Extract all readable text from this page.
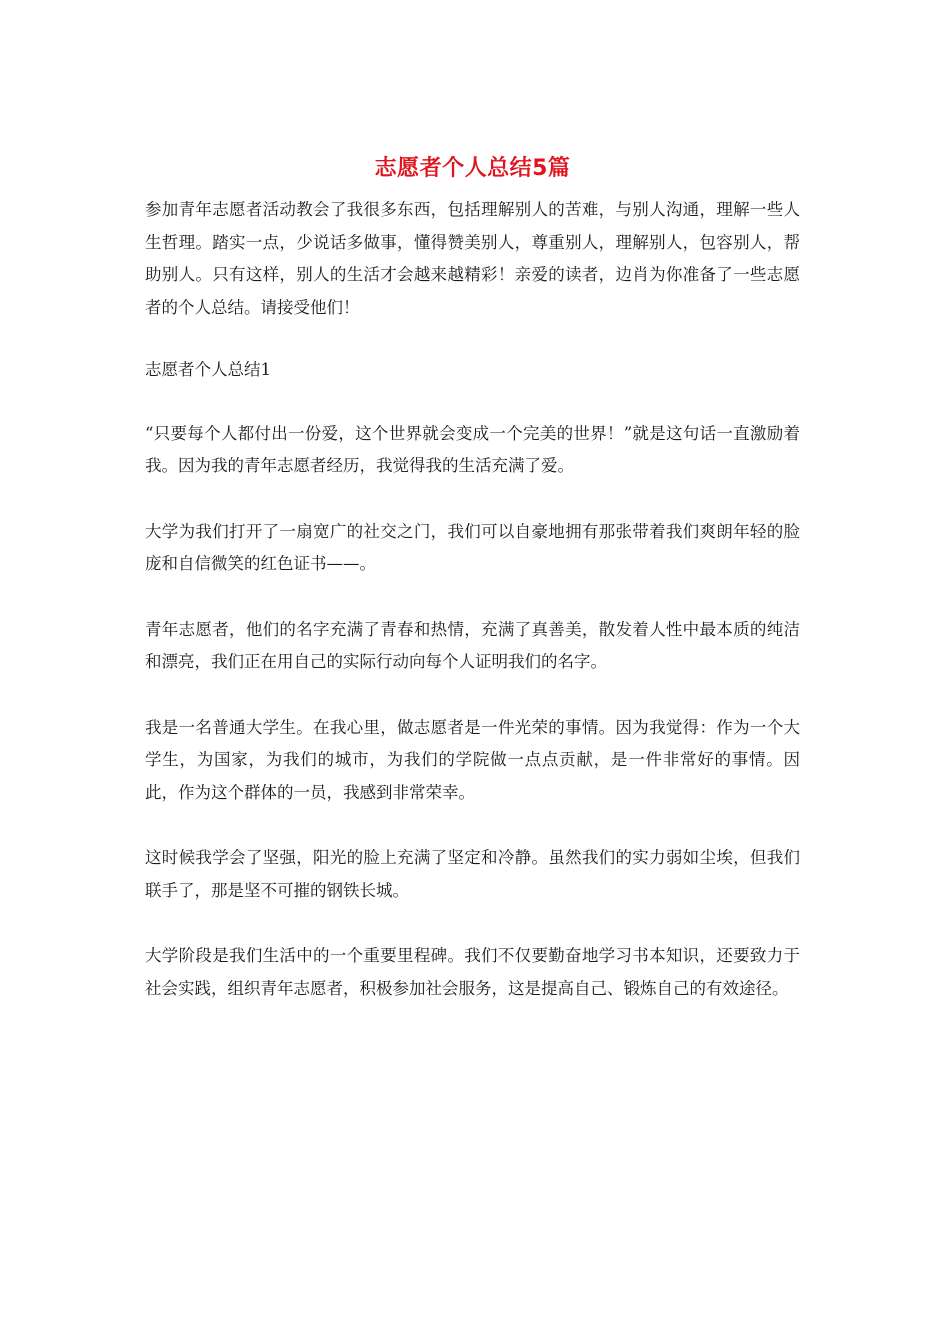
志愿者个人总结5篇

参加青年志愿者活动教会了我很多东西，包括理解别人的苦难，与别人沟通，理解一些人生哲理。踏实一点，少说话多做事，懂得赞美别人，尊重别人，理解别人，包容别人，帮助别人。只有这样，别人的生活才会越来越精彩！亲爱的读者，边肖为你准备了一些志愿者的个人总结。请接受他们！

志愿者个人总结1

“只要每个人都付出一份爱，这个世界就会变成一个完美的世界！”就是这句话一直激励着我。因为我的青年志愿者经历，我觉得我的生活充满了爱。

大学为我们打开了一扇宽广的社交之门，我们可以自豪地拥有那张带着我们爽朗年轻的脸庞和自信微笑的红色证书——。

青年志愿者，他们的名字充满了青春和热情，充满了真善美，散发着人性中最本质的纯洁和漂亮，我们正在用自己的实际行动向每个人证明我们的名字。

我是一名普通大学生。在我心里，做志愿者是一件光荣的事情。因为我觉得：作为一个大学生，为国家，为我们的城市，为我们的学院做一点点贡献，是一件非常好的事情。因此，作为这个群体的一员，我感到非常荣幸。

这时候我学会了坚强，阳光的脸上充满了坚定和冷静。虽然我们的实力弱如尘埃，但我们联手了，那是坚不可摧的钢铁长城。

大学阶段是我们生活中的一个重要里程碑。我们不仅要勤奋地学习书本知识，还要致力于社会实践，组织青年志愿者，积极参加社会服务，这是提高自己、锻炼自己的有效途径。
